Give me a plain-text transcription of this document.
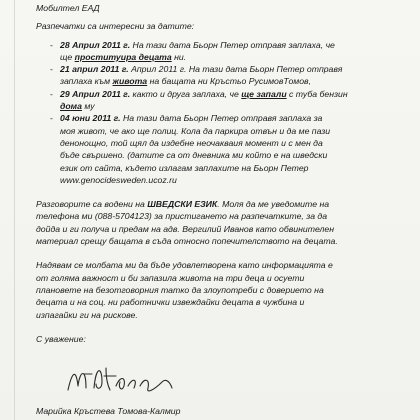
Мобилтел ЕАД
Разпечатки са интересни за датите:
- 28 Април 2011 г. На тази дата Бьорн Петер отправя заплаха, че
ще проституира децата ни.
- 21 април 2011 г. Април 2011 г. На тази дата Бьорн Петер отправя
заплаха към живота на бащата ни Кръстьо РусимовТомов,
- 29 Април 2011 г. както и друга заплаха, че ще запали с туба бензин
дома му
- 04 юни 2011 г. На тази дата Бьорн Петер отправя заплаха за
моя живот, че ако ще полиц. Кола да паркира отвън и да ме пази
денонощно, той щял да издебне неочакваия момент и с мен да
бъде свършено. (датите са от дневника ми който е на шведски
език от сайта, където излагам заплахите на Бьорн Петер
www.genocidesweden.ucoz.ru
Разговорите са водени на ШВЕДСКИ ЕЗИК. Моля да ме уведомите на
телефона ми (088-5704123) за пристигането на разпечатките, за да
дойда и ги получа и предам на адв. Вергилий Иванов като обвинителен
материал срещу бащата в съда относно попечителството на децата.
Надявам се молбата ми да бъде удовлетворена като информацията е
от голяма важност и би запазила живота на три деца и осуети
плановете на безотговорния татко да злоупотреби с доверието на
децата и на соц. ни работнички извеждайки децата в чужбина и
изпагайки ги на рискове.
С уважение:
Марийка Кръстева Томова-Калмир
